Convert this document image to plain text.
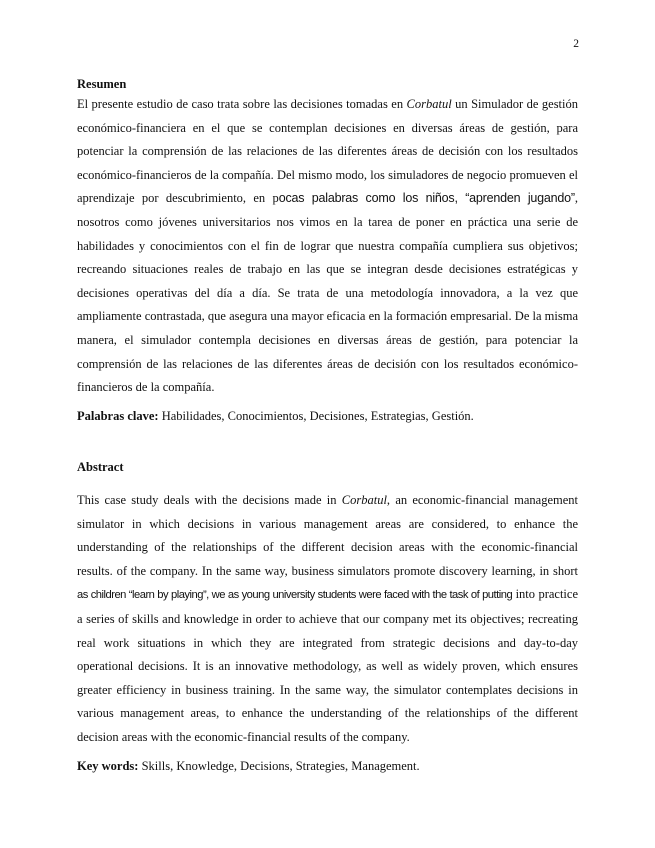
2
Resumen

El presente estudio de caso trata sobre las decisiones tomadas en Corbatul un Simulador de gestión económico-financiera en el que se contemplan decisiones en diversas áreas de gestión, para potenciar la comprensión de las relaciones de las diferentes áreas de decisión con los resultados económico-financieros de la compañía. Del mismo modo, los simuladores de negocio promueven el aprendizaje por descubrimiento, en pocas palabras como los niños, “aprenden jugando”, nosotros como jóvenes universitarios nos vimos en la tarea de poner en práctica una serie de habilidades y conocimientos con el fin de lograr que nuestra compañía cumpliera sus objetivos; recreando situaciones reales de trabajo en las que se integran desde decisiones estratégicas y decisiones operativas del día a día. Se trata de una metodología innovadora, a la vez que ampliamente contrastada, que asegura una mayor eficacia en la formación empresarial. De la misma manera, el simulador contempla decisiones en diversas áreas de gestión, para potenciar la comprensión de las relaciones de las diferentes áreas de decisión con los resultados económico-financieros de la compañía.

Palabras clave: Habilidades, Conocimientos, Decisiones, Estrategias, Gestión.

Abstract

This case study deals with the decisions made in Corbatul, an economic-financial management simulator in which decisions in various management areas are considered, to enhance the understanding of the relationships of the different decision areas with the economic-financial results. of the company. In the same way, business simulators promote discovery learning, in short as children “learn by playing”, we as young university students were faced with the task of putting into practice a series of skills and knowledge in order to achieve that our company met its objectives; recreating real work situations in which they are integrated from strategic decisions and day-to-day operational decisions. It is an innovative methodology, as well as widely proven, which ensures greater efficiency in business training. In the same way, the simulator contemplates decisions in various management areas, to enhance the understanding of the relationships of the different decision areas with the economic-financial results of the company.

Key words: Skills, Knowledge, Decisions, Strategies, Management.
